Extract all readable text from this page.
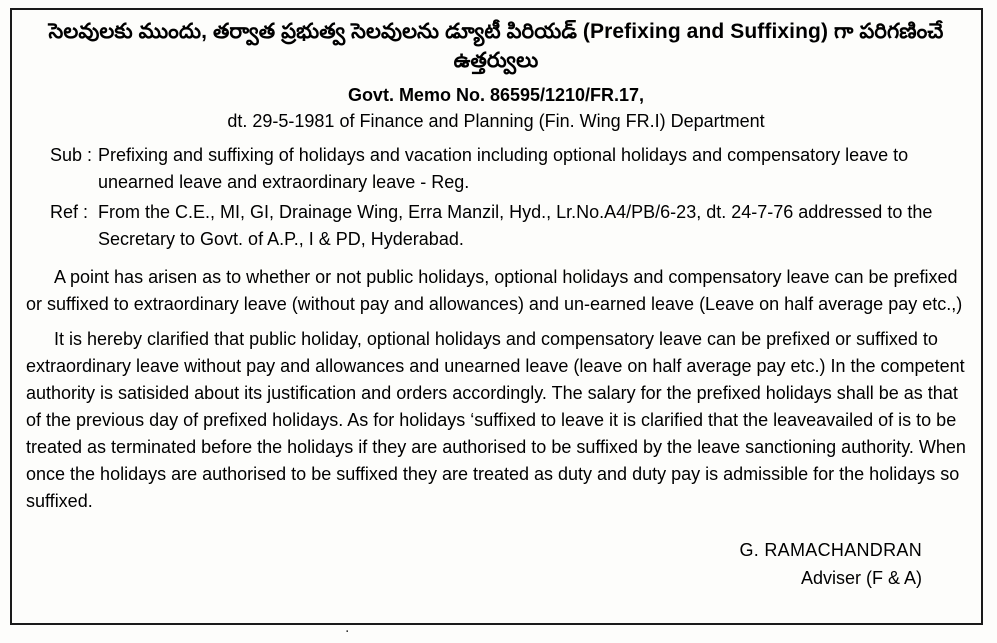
సెలవులకు ముందు, తర్వాత ప్రభుత్వ సెలవులను డ్యూటీ పిరియడ్ (Prefixing and Suffixing) గా పరిగణించే ఉత్తర్వులు
Govt. Memo No. 86595/1210/FR.17,
dt. 29-5-1981 of Finance and Planning (Fin. Wing FR.I) Department
Sub : Prefixing and suffixing of holidays and vacation including optional holidays and compensatory leave to unearned leave and extraordinary leave - Reg.
Ref : From the C.E., MI, GI, Drainage Wing, Erra Manzil, Hyd., Lr.No.A4/PB/6-23, dt. 24-7-76 addressed to the Secretary to Govt. of A.P., I & PD, Hyderabad.
A point has arisen as to whether or not public holidays, optional holidays and compensatory leave can be prefixed or suffixed to extraordinary leave (without pay and allowances) and un-earned leave (Leave on half average pay etc.,)
It is hereby clarified that public holiday, optional holidays and compensatory leave can be prefixed or suffixed to extraordinary leave without pay and allowances and unearned leave (leave on half average pay etc.) In the competent authority is satisided about its justification and orders accordingly. The salary for the prefixed holidays shall be as that of the previous day of prefixed holidays. As for holidays ‘suffixed to leave it is clarified that the leaveavailed of is to be treated as terminated before the holidays if they are authorised to be suffixed by the leave sanctioning authority. When once the holidays are authorised to be suffixed they are treated as duty and duty pay is admissible for the holidays so suffixed.
G. RAMACHANDRAN
Adviser (F & A)
.
